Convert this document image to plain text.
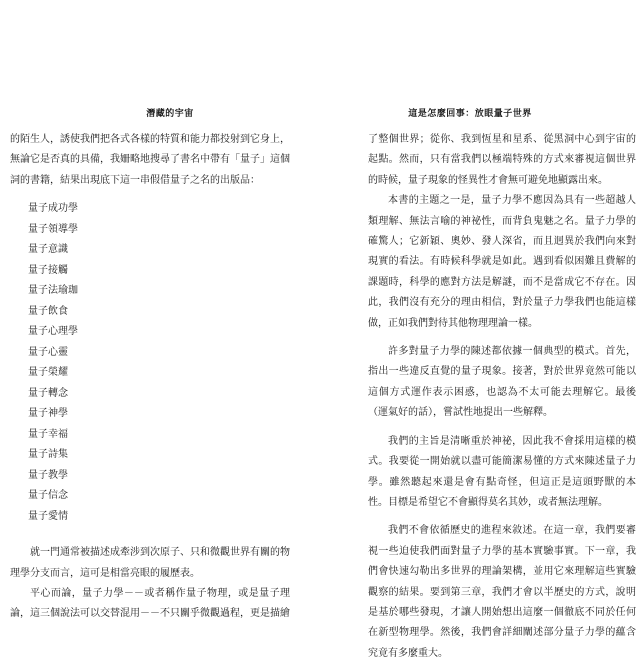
潛藏的宇宙

的陌生人，誘使我們把各式各樣的特質和能力都投射到它身上，無論它是否真的具備，我姍略地搜尋了書名中帶有「量子」這個詞的書籍，結果出現底下這一串假借量子之名的出版品：

量子成功學
量子領導學
量子意識
量子接觸
量子法瑜珈
量子飲食
量子心理學
量子心靈
量子榮耀
量子轉念
量子神學
量子幸福
量子詩集
量子教學
量子信念
量子愛情

就一門通常被描述成牽涉到次原子、只和微觀世界有關的物理學分支而言，這可是相當亮眼的履歷表。

平心而論，量子力學－－或者稱作量子物理，或是量子理論，這三個說法可以交替混用－－不只關乎微觀過程，更是描繪

這是怎麼回事：放眼量子世界

了整個世界；從你、我到恆星和星系、從黑洞中心到宇宙的起點。然而，只有當我們以極端特殊的方式來審視這個世界的時候，量子現象的怪異性才會無可避免地顯露出來。

本書的主題之一是，量子力學不應因為具有一些超越人類理解、無法言喻的神祕性，而背負鬼魅之名。量子力學的確驚人；它新穎、奧妙、發人深省，而且迥異於我們向來對現實的看法。有時候科學就是如此。遇到看似困難且費解的課題時，科學的應對方法是解謎，而不是當成它不存在。因此，我們沒有充分的理由相信，對於量子力學我們也能這樣做，正如我們對待其他物理理論一樣。

許多對量子力學的陳述都依據一個典型的模式。首先，指出一些違反直覺的量子現象。接著，對於世界竟然可能以這個方式運作表示困惑，也認為不太可能去理解它。最後（運氣好的話），嘗試性地提出一些解釋。

我們的主旨是清晰重於神祕，因此我不會採用這樣的模式。我要從一開始就以盡可能簡潔易懂的方式來陳述量子力學。雖然聽起來還是會有點奇怪，但這正是這頭野獸的本性。目標是希望它不會顯得莫名其妙，或者無法理解。

我們不會依循歷史的進程來敘述。在這一章，我們要審視一些迫使我們面對量子力學的基本實驗事實。下一章，我們會快速勾勒出多世界的理論架構，並用它來理解這些實驗觀察的結果。要到第三章，我們才會以半歷史的方式，說明是基於哪些發現，才讓人開始想出這麼一個徹底不同於任何在新型物理學。然後，我們會詳細闡述部分量子力學的蘊含究竟有多麼重大。
